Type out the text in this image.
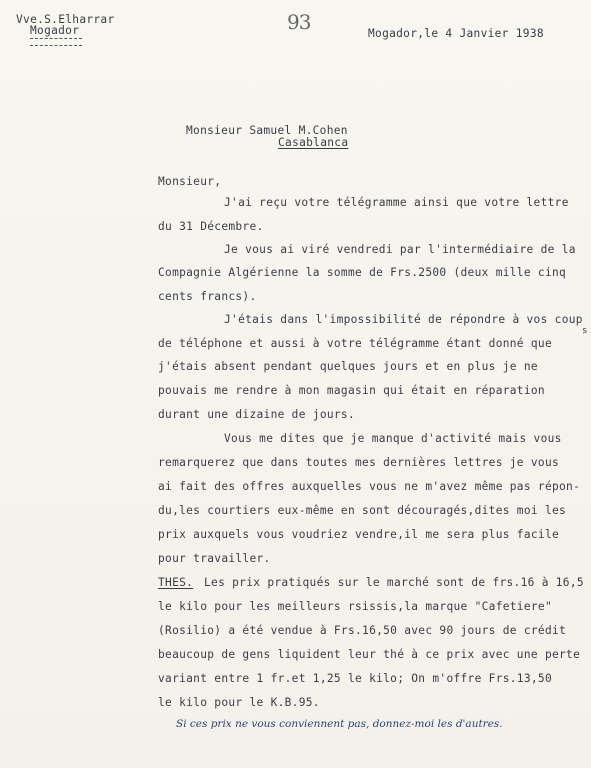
Vve.S.Elharrar
Mogador	93	Mogador,le 4 Janvier 1938
Monsieur Samuel M.Cohen
Casablanca
Monsieur,
J'ai reçu votre télégramme ainsi que votre lettre
du 31 Décembre.
Je vous ai viré vendredi par l'intermédiaire de la
Compagnie Algérienne la somme de Frs.2500 (deux mille cinq
cents francs).
J'étais dans l'impossibilité de répondre à vos coup
de téléphone et aussi à votre télégramme étant donné que
j'étais absent pendant quelques jours et en plus je ne
pouvais me rendre à mon magasin qui était en réparation
durant une dizaine de jours.
Vous me dites que je manque d'activité mais vous
remarquerez que dans toutes mes dernières lettres je vous
ai fait des offres auxquelles vous ne m'avez même pas répon-
du,les courtiers eux-même en sont découragés,dites moi les
prix auxquels vous voudriez vendre,il me sera plus facile
pour travailler.
THES. Les prix pratiqués sur le marché sont de frs.16 à 16,5
le kilo pour les meilleurs rsissis,la marque "Cafetiere"
(Rosilio) a été vendue à Frs.16,50 avec 90 jours de crédit
beaucoup de gens liquident leur thé à ce prix avec une perte
variant entre 1 fr.et 1,25 le kilo; On m'offre Frs.13,50
le kilo pour le K.B.95.
s
Si ces prix ne vous conviennent pas, donnez-moi les d'autres.
